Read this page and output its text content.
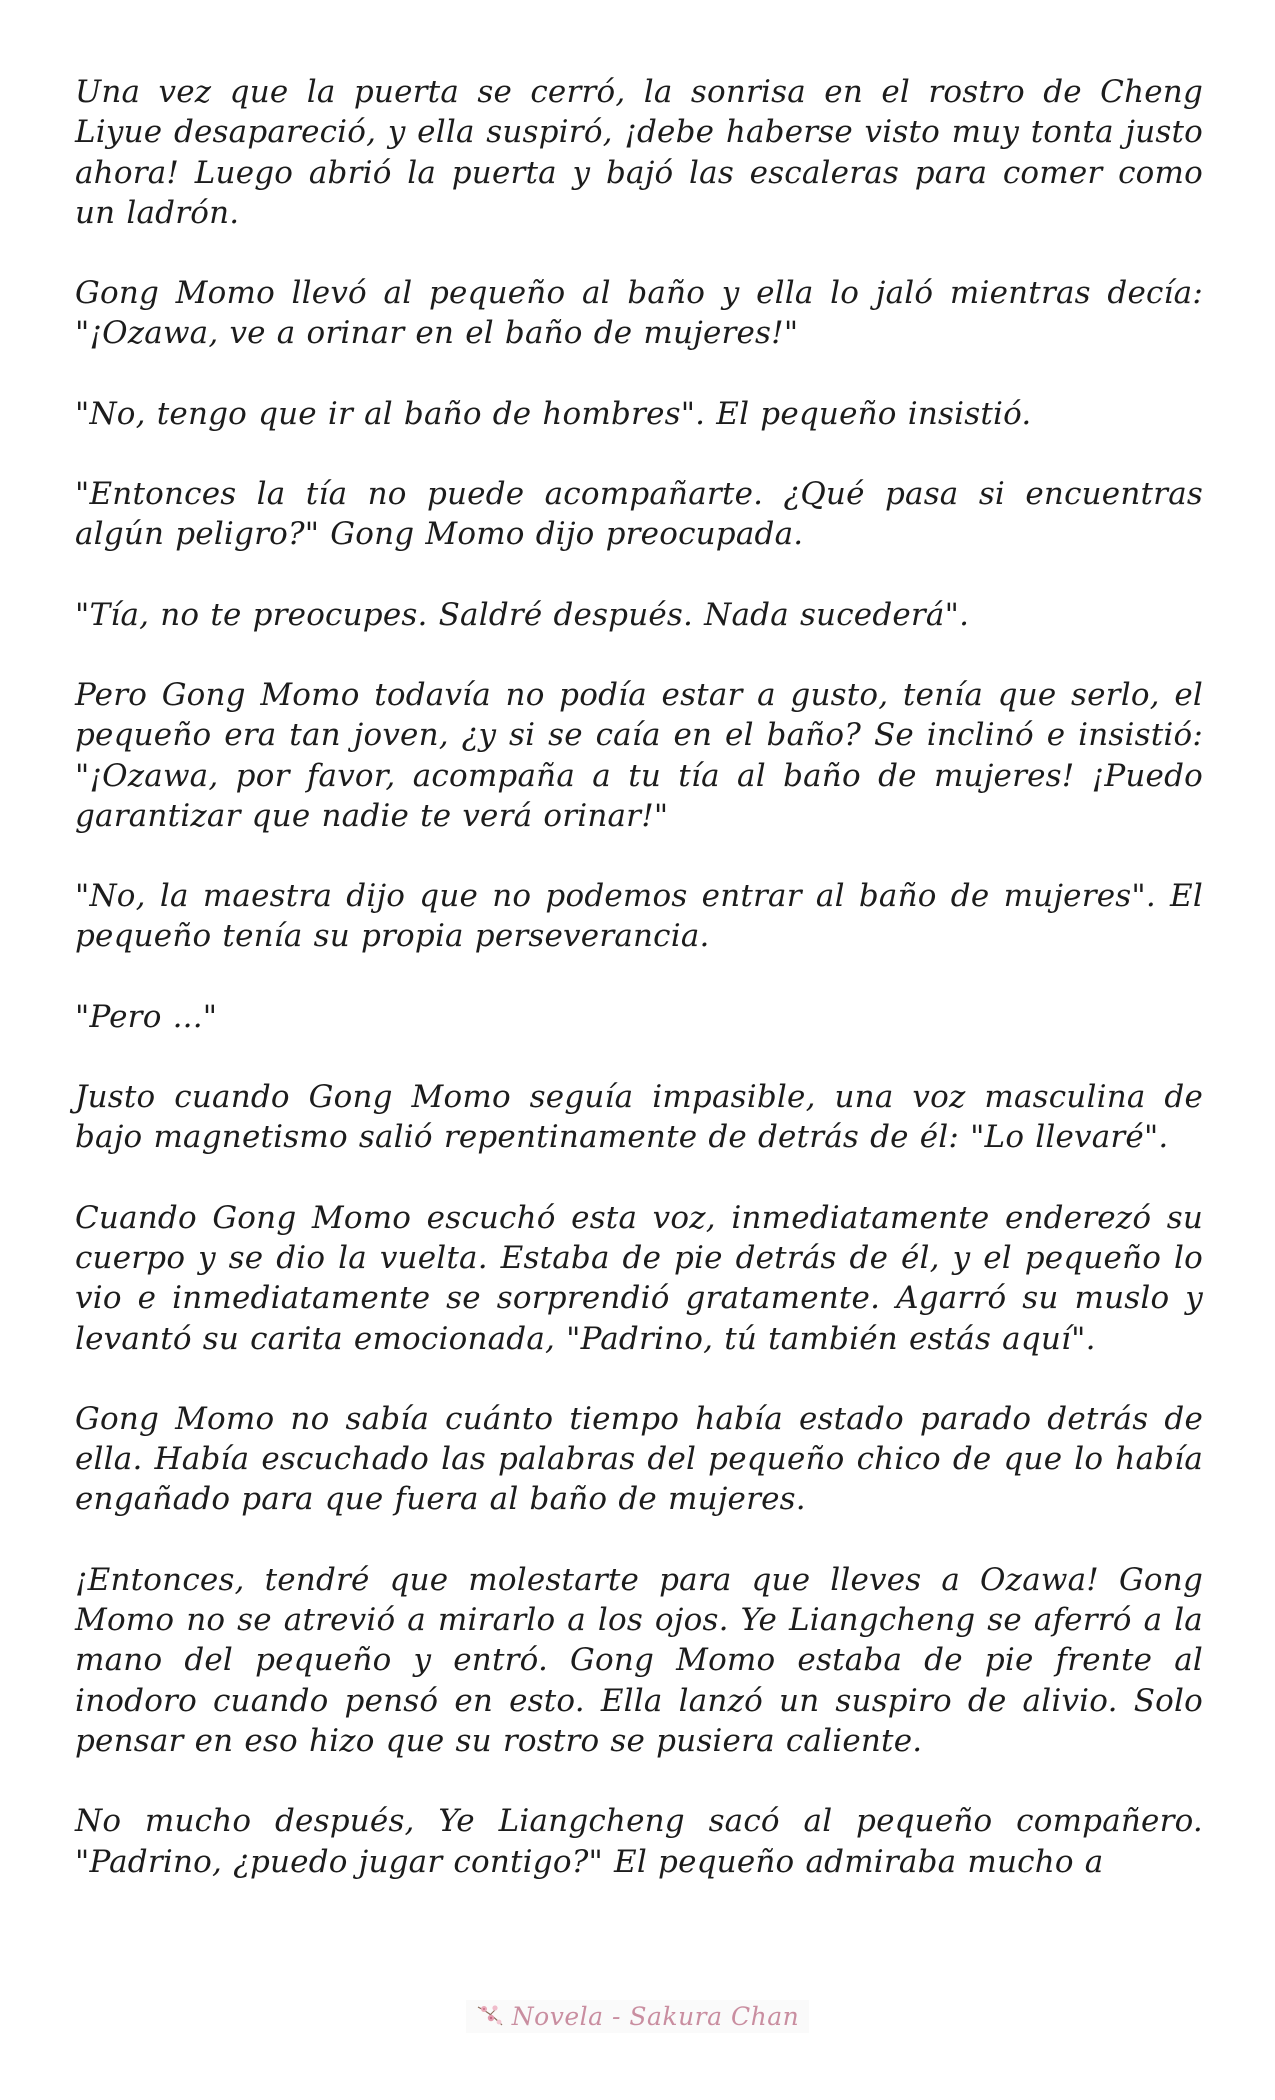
Una vez que la puerta se cerró, la sonrisa en el rostro de Cheng Liyue desapareció, y ella suspiró, ¡debe haberse visto muy tonta justo ahora! Luego abrió la puerta y bajó las escaleras para comer como un ladrón.

Gong Momo llevó al pequeño al baño y ella lo jaló mientras decía: "¡Ozawa, ve a orinar en el baño de mujeres!"

"No, tengo que ir al baño de hombres". El pequeño insistió.

"Entonces la tía no puede acompañarte. ¿Qué pasa si encuentras algún peligro?" Gong Momo dijo preocupada.

"Tía, no te preocupes. Saldré después. Nada sucederá".

Pero Gong Momo todavía no podía estar a gusto, tenía que serlo, el pequeño era tan joven, ¿y si se caía en el baño? Se inclinó e insistió: "¡Ozawa, por favor, acompaña a tu tía al baño de mujeres! ¡Puedo garantizar que nadie te verá orinar!"

"No, la maestra dijo que no podemos entrar al baño de mujeres". El pequeño tenía su propia perseverancia.

"Pero ..."

Justo cuando Gong Momo seguía impasible, una voz masculina de bajo magnetismo salió repentinamente de detrás de él: "Lo llevaré".

Cuando Gong Momo escuchó esta voz, inmediatamente enderezó su cuerpo y se dio la vuelta. Estaba de pie detrás de él, y el pequeño lo vio e inmediatamente se sorprendió gratamente. Agarró su muslo y levantó su carita emocionada, "Padrino, tú también estás aquí".

Gong Momo no sabía cuánto tiempo había estado parado detrás de ella. Había escuchado las palabras del pequeño chico de que lo había engañado para que fuera al baño de mujeres.

¡Entonces, tendré que molestarte para que lleves a Ozawa! Gong Momo no se atrevió a mirarlo a los ojos. Ye Liangcheng se aferró a la mano del pequeño y entró. Gong Momo estaba de pie frente al inodoro cuando pensó en esto. Ella lanzó un suspiro de alivio. Solo pensar en eso hizo que su rostro se pusiera caliente.

No mucho después, Ye Liangcheng sacó al pequeño compañero. "Padrino, ¿puedo jugar contigo?" El pequeño admiraba mucho a

Novela - Sakura Chan
